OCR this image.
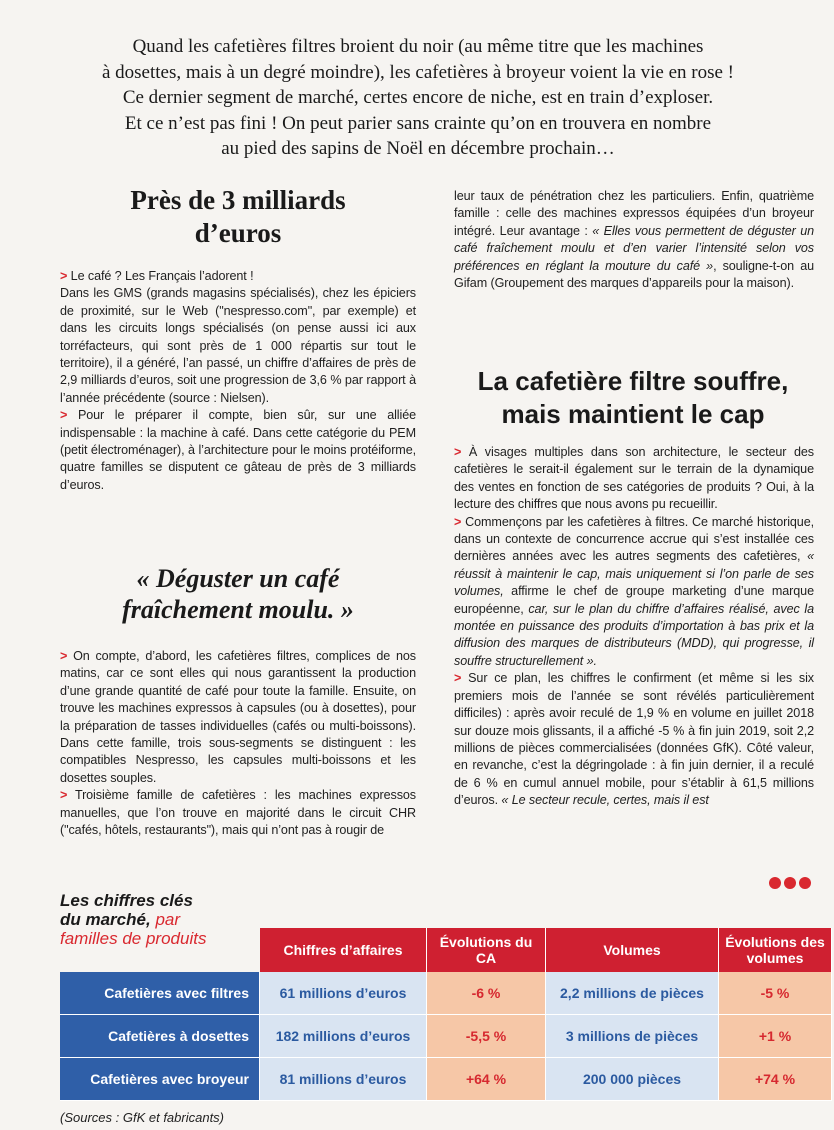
Quand les cafetières filtres broient du noir (au même titre que les machines
à dosettes, mais à un degré moindre), les cafetières à broyeur voient la vie en rose !
Ce dernier segment de marché, certes encore de niche, est en train d’exploser.
Et ce n’est pas fini ! On peut parier sans crainte qu’on en trouvera en nombre
au pied des sapins de Noël en décembre prochain…
Près de 3 milliards
d’euros

> Le café ? Les Français l’adorent !

Dans les GMS (grands magasins spécialisés), chez les épiciers de proximité, sur le Web ("nespresso.com", par exemple) et dans les circuits longs spécialisés (on pense aussi ici aux torréfacteurs, qui sont près de 1 000 répartis sur tout le territoire), il a généré, l’an passé, un chiffre d’affaires de près de 2,9 milliards d’euros, soit une progression de 3,6 % par rapport à l’année précédente (source : Nielsen).

> Pour le préparer il compte, bien sûr, sur une alliée indispensable : la machine à café. Dans cette catégorie du PEM (petit électroménager), à l’architecture pour le moins protéiforme, quatre familles se disputent ce gâteau de près de 3 milliards d’euros.

« Déguster un café
fraîchement moulu. »

> On compte, d’abord, les cafetières filtres, complices de nos matins, car ce sont elles qui nous garantissent la production d’une grande quantité de café pour toute la famille. Ensuite, on trouve les machines expressos à capsules (ou à dosettes), pour la préparation de tasses individuelles (cafés ou multi-boissons). Dans cette famille, trois sous-segments se distinguent : les compatibles Nespresso, les capsules multi-boissons et les dosettes souples.

> Troisième famille de cafetières : les machines expressos manuelles, que l’on trouve en majorité dans le circuit CHR ("cafés, hôtels, restaurants"), mais qui n’ont pas à rougir de

leur taux de pénétration chez les particuliers. Enfin, quatrième famille : celle des machines expressos équipées d’un broyeur intégré. Leur avantage : « Elles vous permettent de déguster un café fraîchement moulu et d’en varier l’intensité selon vos préférences en réglant la mouture du café », souligne-t-on au Gifam (Groupement des marques d’appareils pour la maison).

La cafetière filtre souffre,
mais maintient le cap

> À visages multiples dans son architecture, le secteur des cafetières le serait-il également sur le terrain de la dynamique des ventes en fonction de ses catégories de produits ? Oui, à la lecture des chiffres que nous avons pu recueillir.

> Commençons par les cafetières à filtres. Ce marché historique, dans un contexte de concurrence accrue qui s’est installée ces dernières années avec les autres segments des cafetières, « réussit à maintenir le cap, mais uniquement si l’on parle de ses volumes, affirme le chef de groupe marketing d’une marque européenne, car, sur le plan du chiffre d’affaires réalisé, avec la montée en puissance des produits d’importation à bas prix et la diffusion des marques de distributeurs (MDD), qui progresse, il souffre structurellement ».

> Sur ce plan, les chiffres le confirment (et même si les six premiers mois de l’année se sont révélés particulièrement difficiles) : après avoir reculé de 1,9 % en volume en juillet 2018 sur douze mois glissants, il a affiché -5 % à fin juin 2019, soit 2,2 millions de pièces commercialisées (données GfK). Côté valeur, en revanche, c’est la dégringolade : à fin juin dernier, il a reculé de 6 % en cumul annuel mobile, pour s’établir à 61,5 millions d’euros. « Le secteur recule, certes, mais il est

Les chiffres clés
du marché, par
familles de produits
	Chiffres d’affaires	Évolutions du CA	Volumes	Évolutions des volumes
Cafetières avec filtres	61 millions d’euros	-6 %	2,2 millions de pièces	-5 %
Cafetières à dosettes	182 millions d’euros	-5,5 %	3 millions de pièces	+1 %
Cafetières avec broyeur	81 millions d’euros	+64 %	200 000 pièces	+74 %
(Sources : GfK et fabricants)
